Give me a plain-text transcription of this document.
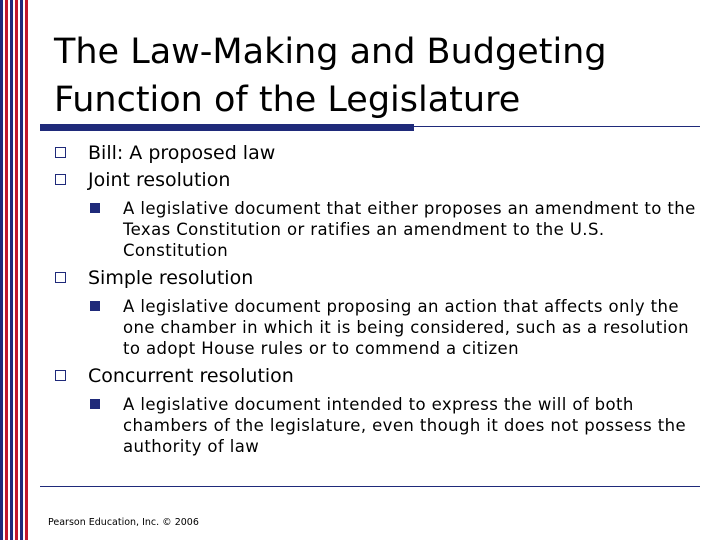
The Law-Making and Budgeting
Function of the Legislature
Bill: A proposed law
Joint resolution
A legislative document that either proposes an amendment to the Texas Constitution or ratifies an amendment to the U.S. Constitution
Simple resolution
A legislative document proposing an action that affects only the one chamber in which it is being considered, such as a resolution to adopt House rules or to commend a citizen
Concurrent resolution
A legislative document intended to express the will of both chambers of the legislature, even though it does not possess the authority of law
Pearson Education, Inc. © 2006
